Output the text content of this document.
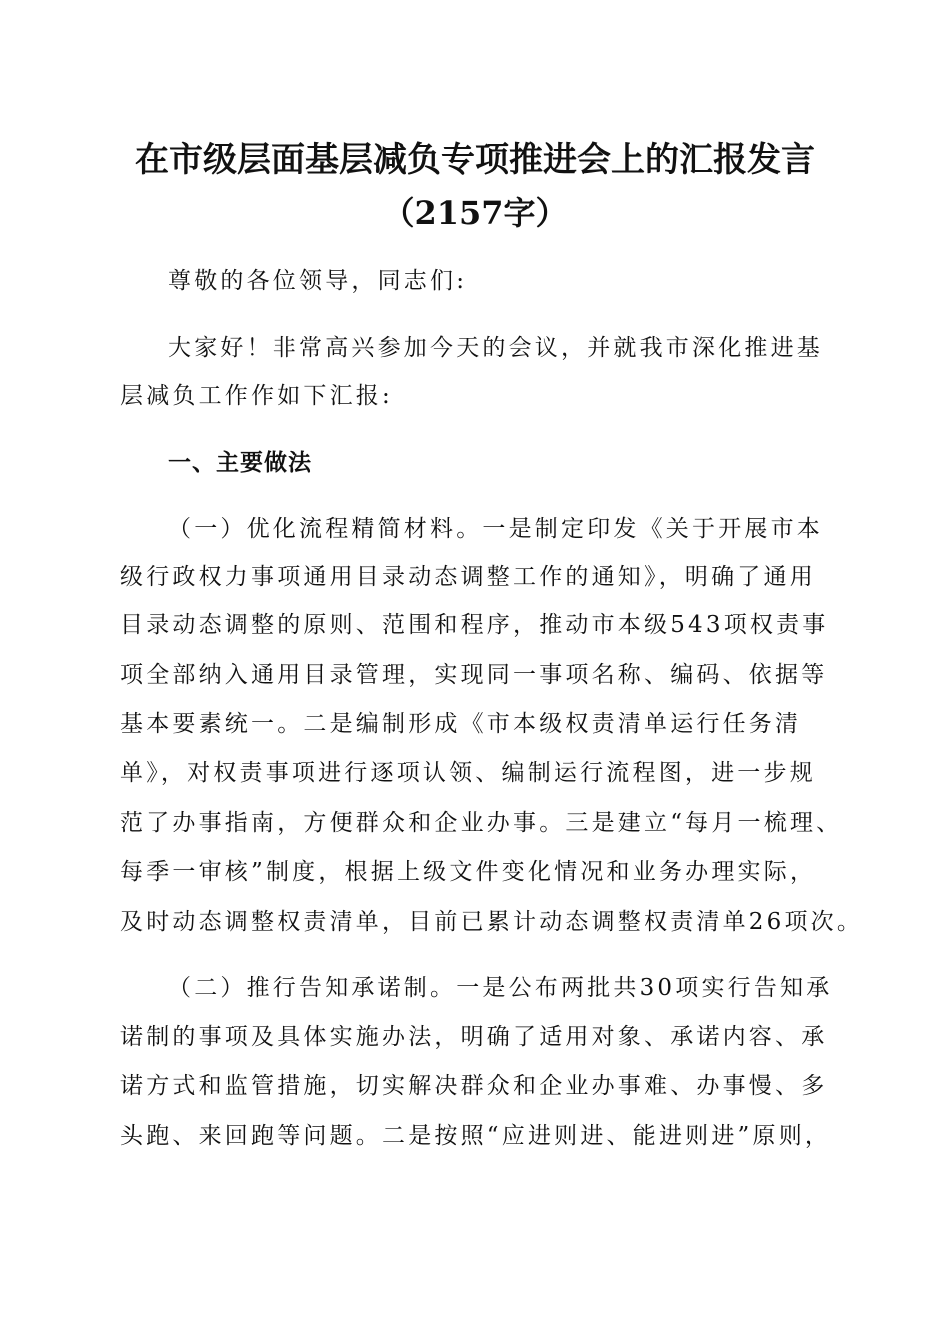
在市级层面基层减负专项推进会上的汇报发言
（2157字）
尊敬的各位领导，同志们:
大家好！非常高兴参加今天的会议，并就我市深化推进基
层减负工作作如下汇报:
一、主要做法
（一）优化流程精简材料。一是制定印发《关于开展市本
级行政权力事项通用目录动态调整工作的通知》，明确了通用
目录动态调整的原则、范围和程序，推动市本级543项权责事
项全部纳入通用目录管理，实现同一事项名称、编码、依据等
基本要素统一。二是编制形成《市本级权责清单运行任务清
单》，对权责事项进行逐项认领、编制运行流程图，进一步规
范了办事指南，方便群众和企业办事。三是建立“每月一梳理、
每季一审核”制度，根据上级文件变化情况和业务办理实际，
及时动态调整权责清单，目前已累计动态调整权责清单26项次。
（二）推行告知承诺制。一是公布两批共30项实行告知承
诺制的事项及具体实施办法，明确了适用对象、承诺内容、承
诺方式和监管措施，切实解决群众和企业办事难、办事慢、多
头跑、来回跑等问题。二是按照“应进则进、能进则进”原则，
